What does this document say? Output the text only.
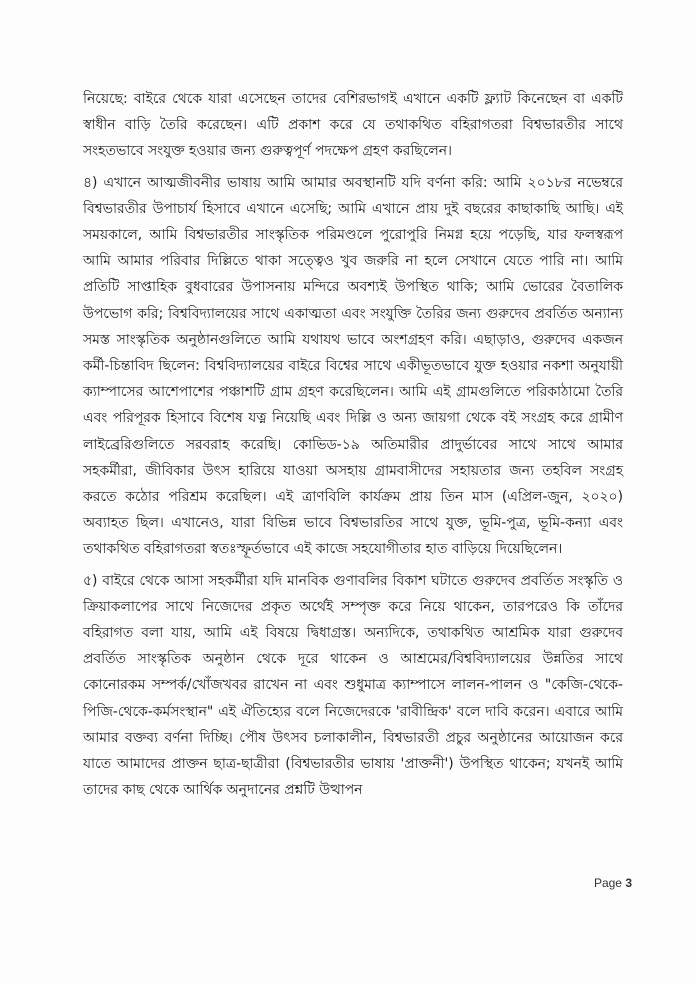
নিয়েছে: বাইরে থেকে যারা এসেছেন তাদের বেশিরভাগই এখানে একটি ফ্ল্যাট কিনেছেন বা একটি স্বাধীন বাড়ি তৈরি করেছেন। এটি প্রকাশ করে যে তথাকথিত বহিরাগতরা বিশ্বভারতীর সাথে সংহতভাবে সংযুক্ত হওয়ার জন্য গুরুত্বপূর্ণ পদক্ষেপ গ্রহণ করছিলেন।

৪) এখানে আত্মজীবনীর ভাষায় আমি আমার অবস্থানটি যদি বর্ণনা করি: আমি ২০১৮র নভেম্বরে বিশ্বভারতীর উপাচার্য হিসাবে এখানে এসেছি; আমি এখানে প্রায় দুই বছরের কাছাকাছি আছি। এই সময়কালে, আমি বিশ্বভারতীর সাংস্কৃতিক পরিমণ্ডলে পুরোপুরি নিমগ্ন হয়ে পড়েছি, যার ফলস্বরূপ আমি আমার পরিবার দিল্লিতে থাকা সত্ত্বেও খুব জরুরি না হলে সেখানে যেতে পারি না। আমি প্রতিটি সাপ্তাহিক বুধবারের উপাসনায় মন্দিরে অবশ্যই উপস্থিত থাকি; আমি ভোরের বৈতালিক উপভোগ করি; বিশ্ববিদ্যালয়ের সাথে একাত্মতা এবং সংযুক্তি তৈরির জন্য গুরুদেব প্রবর্তিত অন্যান্য সমস্ত সাংস্কৃতিক অনুষ্ঠানগুলিতে আমি যথাযথ ভাবে অংশগ্রহণ করি। এছাড়াও, গুরুদেব একজন কর্মী-চিন্তাবিদ ছিলেন: বিশ্ববিদ্যালয়ের বাইরে বিশ্বের সাথে একীভূতভাবে যুক্ত হওয়ার নকশা অনুযায়ী ক্যাম্পাসের আশেপাশের পঞ্চাশটি গ্রাম গ্রহণ করেছিলেন। আমি এই গ্রামগুলিতে পরিকাঠামো তৈরি এবং পরিপূরক হিসাবে বিশেষ যত্ন নিয়েছি এবং দিল্লি ও অন্য জায়গা থেকে বই সংগ্রহ করে গ্রামীণ লাইব্রেরিগুলিতে সরবরাহ করেছি। কোভিড-১৯ অতিমারীর প্রাদুর্ভাবের সাথে সাথে আমার সহকর্মীরা, জীবিকার উৎস হারিয়ে যাওয়া অসহায় গ্রামবাসীদের সহায়তার জন্য তহবিল সংগ্রহ করতে কঠোর পরিশ্রম করেছিল। এই ত্রাণবিলি কার্যক্রম প্রায় তিন মাস (এপ্রিল-জুন, ২০২০) অব্যাহত ছিল। এখানেও, যারা বিভিন্ন ভাবে বিশ্বভারতির সাথে যুক্ত, ভূমি-পুত্র, ভূমি-কন্যা এবং তথাকথিত বহিরাগতরা স্বতঃস্ফূর্তভাবে এই কাজে সহযোগীতার হাত বাড়িয়ে দিয়েছিলেন।

৫) বাইরে থেকে আসা সহকর্মীরা যদি মানবিক গুণাবলির বিকাশ ঘটাতে গুরুদেব প্রবর্তিত সংস্কৃতি ও ক্রিয়াকলাপের সাথে নিজেদের প্রকৃত অর্থেই সম্পৃক্ত করে নিয়ে থাকেন, তারপরেও কি তাঁদের বহিরাগত বলা যায়, আমি এই বিষয়ে দ্বিধাগ্রস্ত। অন্যদিকে, তথাকথিত আশ্রমিক যারা গুরুদেব প্রবর্তিত সাংস্কৃতিক অনুষ্ঠান থেকে দূরে থাকেন ও আশ্রমের/বিশ্ববিদ্যালয়ের উন্নতির সাথে কোনোরকম সম্পর্ক/খোঁজখবর রাখেন না এবং শুধুমাত্র ক্যাম্পাসে লালন-পালন ও "কেজি-থেকে-পিজি-থেকে-কর্মসংস্থান" এই ঐতিহ্যের বলে নিজেদেরকে 'রাবীন্দ্রিক' বলে দাবি করেন। এবারে আমি আমার বক্তব্য বর্ণনা দিচ্ছি। পৌষ উৎসব চলাকালীন, বিশ্বভারতী প্রচুর অনুষ্ঠানের আয়োজন করে যাতে আমাদের প্রাক্তন ছাত্র-ছাত্রীরা (বিশ্বভারতীর ভাষায় 'প্রাক্তনী') উপস্থিত থাকেন; যখনই আমি তাদের কাছ থেকে আর্থিক অনুদানের প্রশ্নটি উত্থাপন

Page 3
